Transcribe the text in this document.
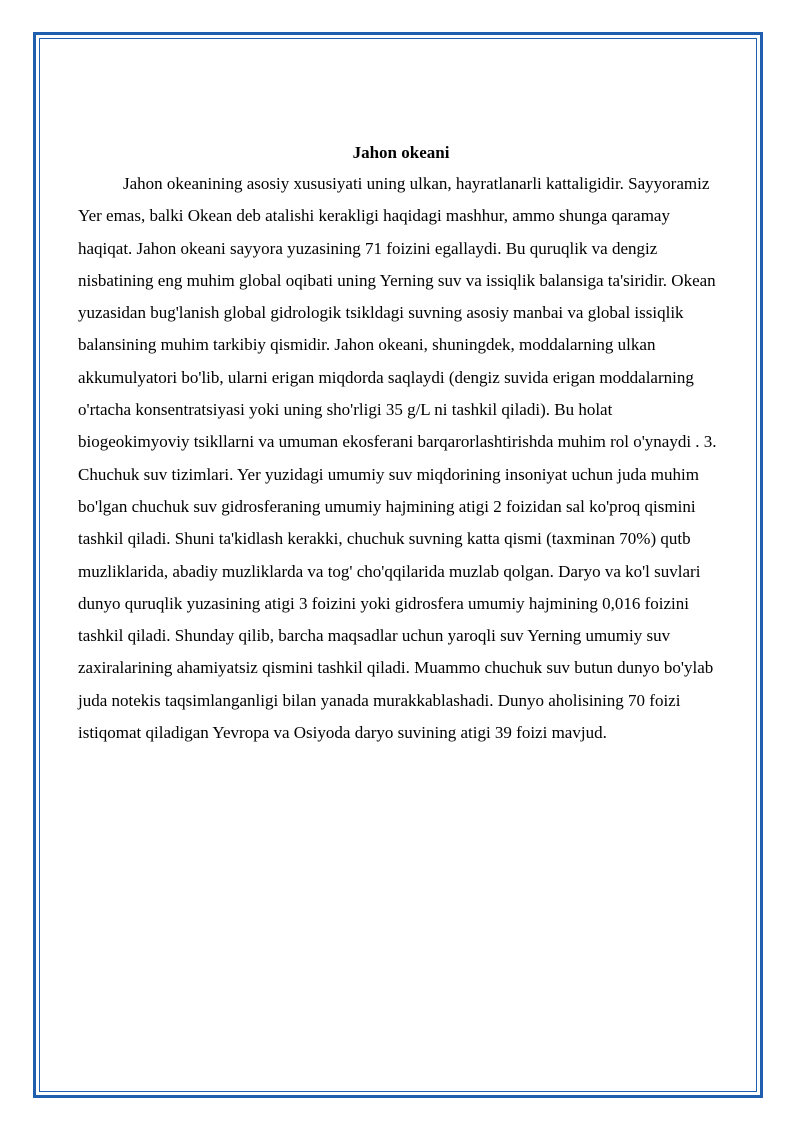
Jahon okeani

Jahon okeanining asosiy xususiyati uning ulkan, hayratlanarli kattaligidir. Sayyoramiz Yer emas, balki Okean deb atalishi kerakligi haqidagi mashhur, ammo shunga qaramay haqiqat. Jahon okeani sayyora yuzasining 71 foizini egallaydi. Bu quruqlik va dengiz nisbatining eng muhim global oqibati uning Yerning suv va issiqlik balansiga ta'siridir. Okean yuzasidan bug'lanish global gidrologik tsikldagi suvning asosiy manbai va global issiqlik balansining muhim tarkibiy qismidir. Jahon okeani, shuningdek, moddalarning ulkan akkumulyatori bo'lib, ularni erigan miqdorda saqlaydi (dengiz suvida erigan moddalarning o'rtacha konsentratsiyasi yoki uning sho'rligi 35 g/L ni tashkil qiladi). Bu holat biogeokimyoviy tsikllarni va umuman ekosferani barqarorlashtirishda muhim rol o'ynaydi . 3. Chuchuk suv tizimlari. Yer yuzidagi umumiy suv miqdorining insoniyat uchun juda muhim bo'lgan chuchuk suv gidrosferaning umumiy hajmining atigi 2 foizidan sal ko'proq qismini tashkil qiladi. Shuni ta'kidlash kerakki, chuchuk suvning katta qismi (taxminan 70%) qutb muzliklarida, abadiy muzliklarda va tog' cho'qqilarida muzlab qolgan. Daryo va ko'l suvlari dunyo quruqlik yuzasining atigi 3 foizini yoki gidrosfera umumiy hajmining 0,016 foizini tashkil qiladi. Shunday qilib, barcha maqsadlar uchun yaroqli suv Yerning umumiy suv zaxiralarining ahamiyatsiz qismini tashkil qiladi. Muammo chuchuk suv butun dunyo bo'ylab juda notekis taqsimlanganligi bilan yanada murakkablashadi. Dunyo aholisining 70 foizi istiqomat qiladigan Yevropa va Osiyoda daryo suvining atigi 39 foizi mavjud.
